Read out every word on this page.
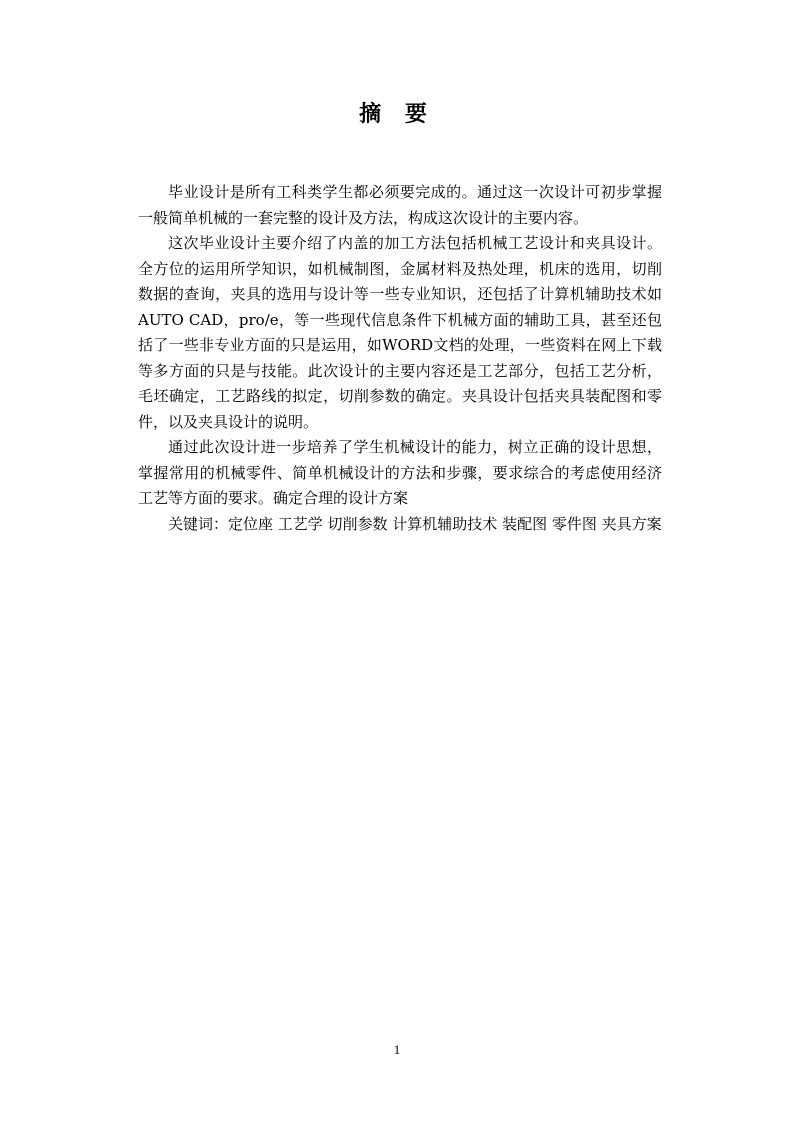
摘 要

毕业设计是所有工科类学生都必须要完成的。通过这一次设计可初步掌握一般简单机械的一套完整的设计及方法，构成这次设计的主要内容。

这次毕业设计主要介绍了内盖的加工方法包括机械工艺设计和夹具设计。全方位的运用所学知识，如机械制图，金属材料及热处理，机床的选用，切削数据的查询，夹具的选用与设计等一些专业知识，还包括了计算机辅助技术如AUTO CAD，pro/e，等一些现代信息条件下机械方面的辅助工具，甚至还包括了一些非专业方面的只是运用，如WORD文档的处理，一些资料在网上下载等多方面的只是与技能。此次设计的主要内容还是工艺部分，包括工艺分析，毛坯确定，工艺路线的拟定，切削参数的确定。夹具设计包括夹具装配图和零件，以及夹具设计的说明。

通过此次设计进一步培养了学生机械设计的能力，树立正确的设计思想，掌握常用的机械零件、简单机械设计的方法和步骤，要求综合的考虑使用经济工艺等方面的要求。确定合理的设计方案

关键词：定位座 工艺学 切削参数 计算机辅助技术 装配图 零件图 夹具方案

1
